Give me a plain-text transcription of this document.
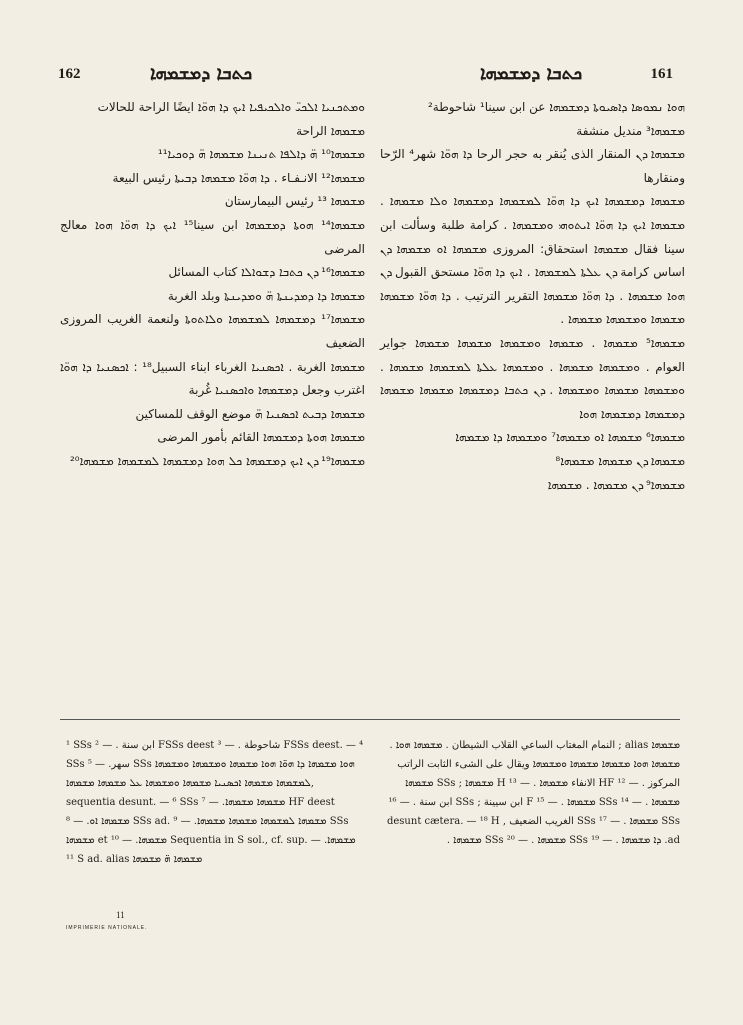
162	ܟܬܒܐ ܕܡܫܡܗܐ	161
ܟܬܒܐ ܕܡܫܡܗܐ

ܘܡܬܟܢܝܐ ܐܠܟܝ̈ ܘܐܠܟܝܦܝܐ ܐܝܟ ܕܐ ܗܘ̈ܐ ايضًا الراحة للحالات

ܡܫܡܗܐ الراحة

ܡܫܡܗܐ¹⁰ ܗ̈ ܕܐܠܦܐ ܬܢܝܢܐ ܡܫܡܗܐ ܗ̈ ܕܘܟܝܐ¹¹

ܡܫܡܗܐ¹² الانـفـاء . ܕܐ ܗܘ̈ܐ ܡܫܡܗܐ ܕܒܝܬܐ رئيس البيعة

ܡܫܡܗܐ ¹³ رئيس البيمارستان

ܡܫܡܗܐ¹⁴ ܗܘܬܐ ܕܡܫܡܗܐ ابن سينا¹⁵ ܐܝܟ ܕܐ ܗܘ̈ܐ ܗܘܐ معالج المرضى

ܡܫܡܗܐ¹⁶ ܕܢ ܟܬܒܐ ܕܫܘܐܠܐ كتاب المسائل

ܡܫܡܗܐ ܕܐ ܕܡܕܝܢܬܐ ܗ̈ ܘܡܕܝܢܬܐ وبلد الغربة

ܡܫܡܗܐ¹⁷ ܕܡܫܡܗܐ ܠܡܫܡܗܐ ܘܠܐܬܘܬܐ ولنعمة الغريب المروزى الضعيف

ܡܫܡܗܐ الغربة . ܐܟܣܢܝܐ الغرباء ابناء السبيل¹⁸ : ܐܟܣܢܝܐ ܕܐ ܗܘ̈ܐ اغترب وجعل ܕܡܫܡܗܐ ܘܐܟܣܢܝܐ غُربة

ܡܫܡܗܐ ܕܒܝܬ ܐܟܣܢܝܐ ܗ̈ موضع الوقف للمساكين

ܡܫܡܗܐ ܗܘܬܐ ܕܡܫܡܗܐ القائم بأمور المرضى

ܡܫܡܗܐ¹⁹ ܕܢ ܐܝܟ ܕܡܫܡܗܐ ܟܠ ܗܘܐ ܕܡܫܡܗܐ ܠܡܫܡܗܐ ܡܫܡܗܐ²⁰

ܗܘܐ ܢܡܘܣܐ ܕܐܣܝܘܬܐ ܕܡܫܡܗܐ عن ابن سينا¹ شاحوطة²

ܡܫܡܗܐ³ منديل منشفة

ܡܫܡܗܐ ܕܢ المنقار الذى يُنقر به حجر الرحا ܕܐ ܗܘ̈ܐ شهر⁴ الرّحا ومنقارها

ܡܫܡܗܐ ܕܡܫܡܗܐ ܐܝܟ ܕܐ ܗܘ̈ܐ ܠܡܫܡܗܐ ܕܡܫܡܗܐ ܘܠܐ ܡܫܡܗܐ . ܡܫܡܗܐ ܐܝܟ ܕܐ ܗܘ̈ܐ ܐܝܬܘܗܝ ܘܡܫܡܗܐ . كرامة طلبة وسألت ابن سينا فقال ܡܫܡܗܐ استحقاق: المروزى ܡܫܡܗܐ ܐܘ ܡܫܡܗܐ ܕܢ اساس كرامة ܕܢ ܥܠܬܐ ܠܡܫܡܗܐ . ܐܝܟ ܕܐ ܗܘ̈ܐ مستحق القبول ܕܢ ܗܘܐ ܡܫܡܗܐ . ܕܐ ܗܘ̈ܐ ܡܫܡܗܐ التقرير الترتيب . ܕܐ ܗܘ̈ܐ ܡܫܡܗܐ ܡܫܡܗܐ ܘܡܫܡܗܐ ܡܫܡܗܐ .

ܡܫܡܗܐ⁵ ܡܫܡܗܐ . ܡܫܡܗܐ ܘܡܫܡܗܐ ܡܫܡܗܐ ܡܫܡܗܐ جواير العوام . ܘܡܫܡܗܐ ܡܫܡܗܐ . ܘܡܫܡܗܐ ܥܠܬܐ ܠܡܫܡܗܐ ܡܫܡܗܐ . ܘܡܫܡܗܐ ܡܫܡܗܐ ܘܡܫܡܗܐ . ܕܢ ܟܬܒܐ ܕܡܫܡܗܐ ܡܫܡܗܐ ܡܫܡܗܐ ܕܡܫܡܗܐ ܕܡܫܡܗܐ ܗܘܐ

ܡܫܡܗܐ⁶ ܡܫܡܗܐ ܐܘ ܡܫܡܗܐ⁷ ܘܡܫܡܗܐ ܕܐ ܡܫܡܗܐ

ܡܫܡܗܐ ܕܢ ܡܫܡܗܐ ܡܫܡܗܐ⁸

ܡܫܡܗܐ⁹ ܕܢ ܡܫܡܗܐ . ܡܫܡܗܐ

¹ SSs ابن سنة . — ² FSSs deest شاحوطة . — ³ FSSs deest. — ⁴ SSs سهر. — ⁵ SSs ܗܘܐ ܡܫܡܗܐ ܕܐ ܗܘ̈ܐ ܗܘܐ ܡܫܡܗܐ ܘܡܫܡܗܐ ܘܡܫܡܗܐ ܠܡܫܡܗܐ ܡܫܡܗܐ ܐܟܣܢܝܐ ܡܫܡܗܐ ܘܡܫܡܗܐ ܥܠ ܡܫܡܗܐ ܡܫܡܗܐ, sequentia desunt. — ⁶ SSs ܡܫܡܗܐ ܡܫܡܗܐ. — ⁷ HF deest ܡܫܡܗܐ ܐܘ. — ⁸ SSs ad. ܡܫܡܗܐ ܠܡܫܡܗܐ ܡܫܡܗܐ ܡܫܡܗܐ. — ⁹ SSs ܡܫܡܗܐ et ܡܫܡܗܐ. — ¹⁰ Sequentia in S sol., cf. sup. ܡܫܡܗܐ. — ¹¹ S ad. alias ܡܫܡܗܐ ܗ̈ ܡܫܡܗܐ
ܡܫܡܗܐ alias ; النمام المغتاب الساعي القلاب الشيطان . ܡܫܡܗܐ ܗܘܐ . ܡܫܡܗܐ ܗܘܐ ܡܫܡܗܐ ܡܫܡܗܐ ܘܡܫܡܗܐ ويقال على الشىء الثابت الراتب المركوز . — ¹² HF الانفاء ܡܫܡܗܐ . — ¹³ H ܡܫܡܗܐ ; SSs ܡܫܡܗܐ ܡܫܡܗܐ . — ¹⁴ SSs ܡܫܡܗܐ . — ¹⁵ F ابن سيينة ; SSs ابن سنة . — ¹⁶ SSs ܡܫܡܗܐ . — ¹⁷ SSs الغريب الضعيف , desunt cætera. — ¹⁸ H ad. ܕܐ ܡܫܡܗܐ . — ¹⁹ SSs ܡܫܡܗܐ . — ²⁰ SSs ܡܫܡܗܐ .
11
IMPRIMERIE NATIONALE.
